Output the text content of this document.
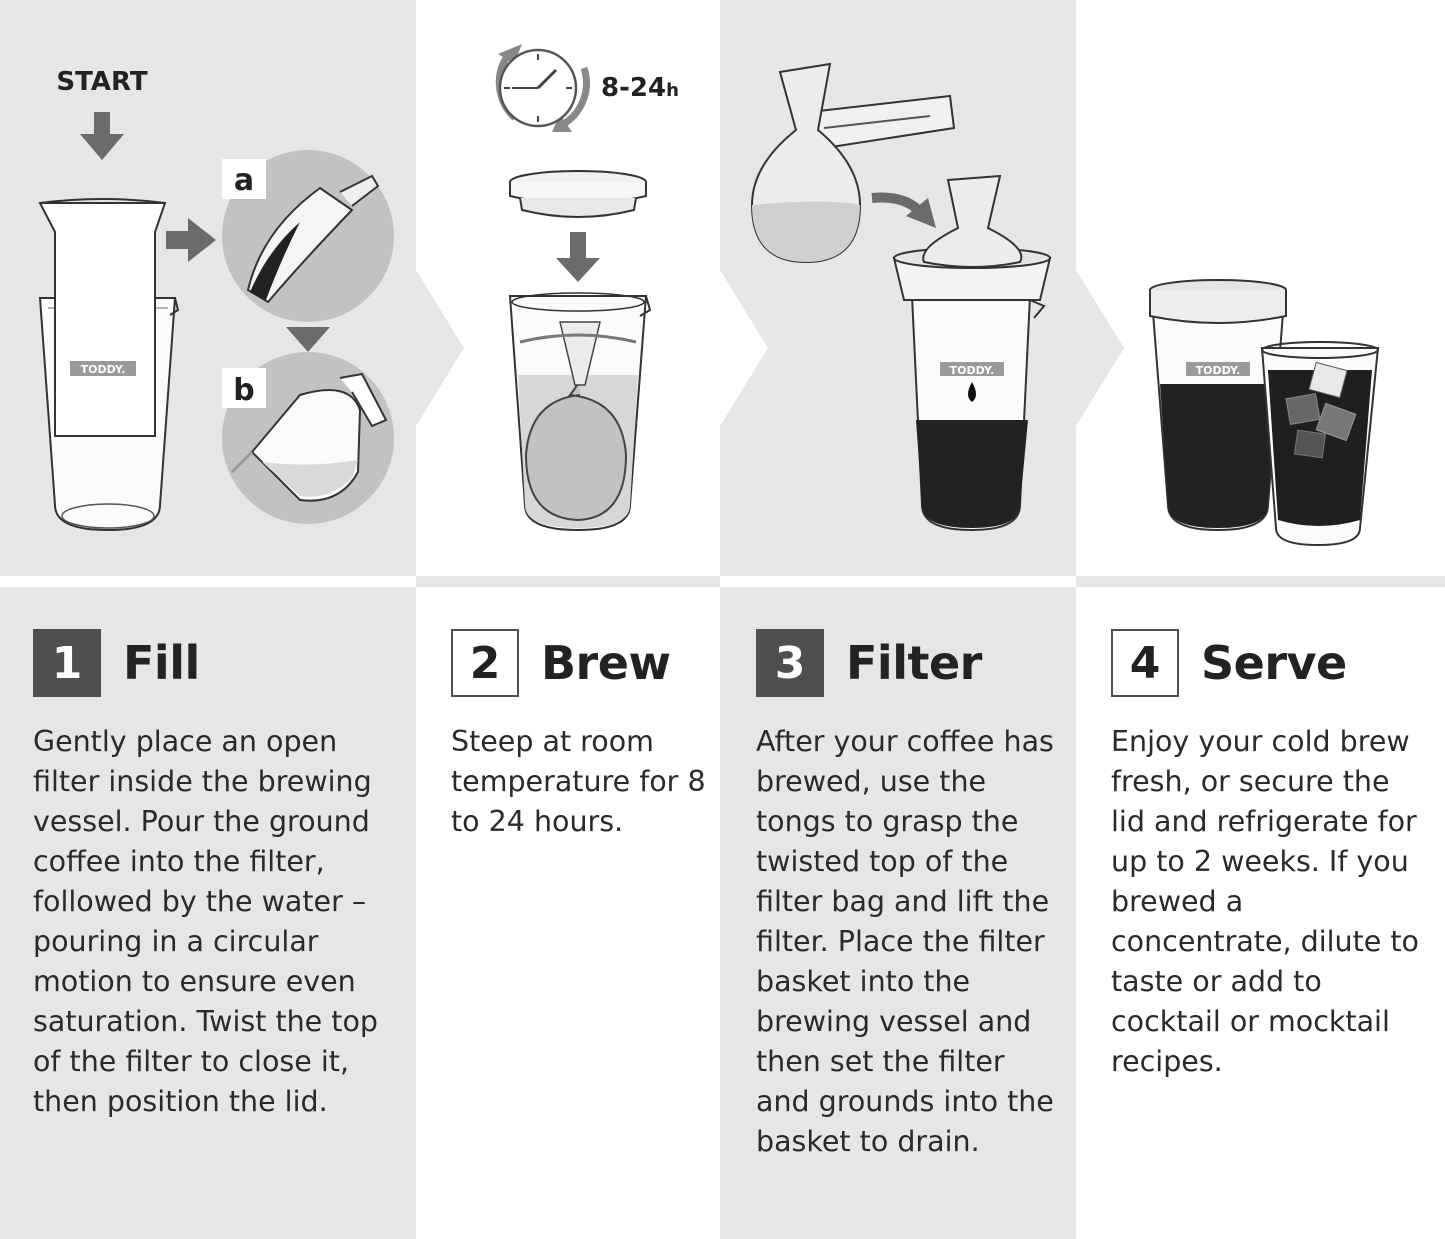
START
TODDY.
a
b
8-24h
TODDY.	TODDY.
1 Fill
Gently place an open filter inside the brewing vessel. Pour the ground coffee into the filter, followed by the water – pouring in a circular motion to ensure even saturation. Twist the top of the filter to close it, then position the lid.
2 Brew
Steep at room temperature for 8 to 24 hours.
3 Filter
After your coffee has brewed, use the tongs to grasp the twisted top of the filter bag and lift the filter. Place the filter basket into the brewing vessel and then set the filter and grounds into the basket to drain.
4 Serve
Enjoy your cold brew fresh, or secure the lid and refrigerate for up to 2 weeks. If you brewed a concentrate, dilute to taste or add to cocktail or mocktail recipes.
